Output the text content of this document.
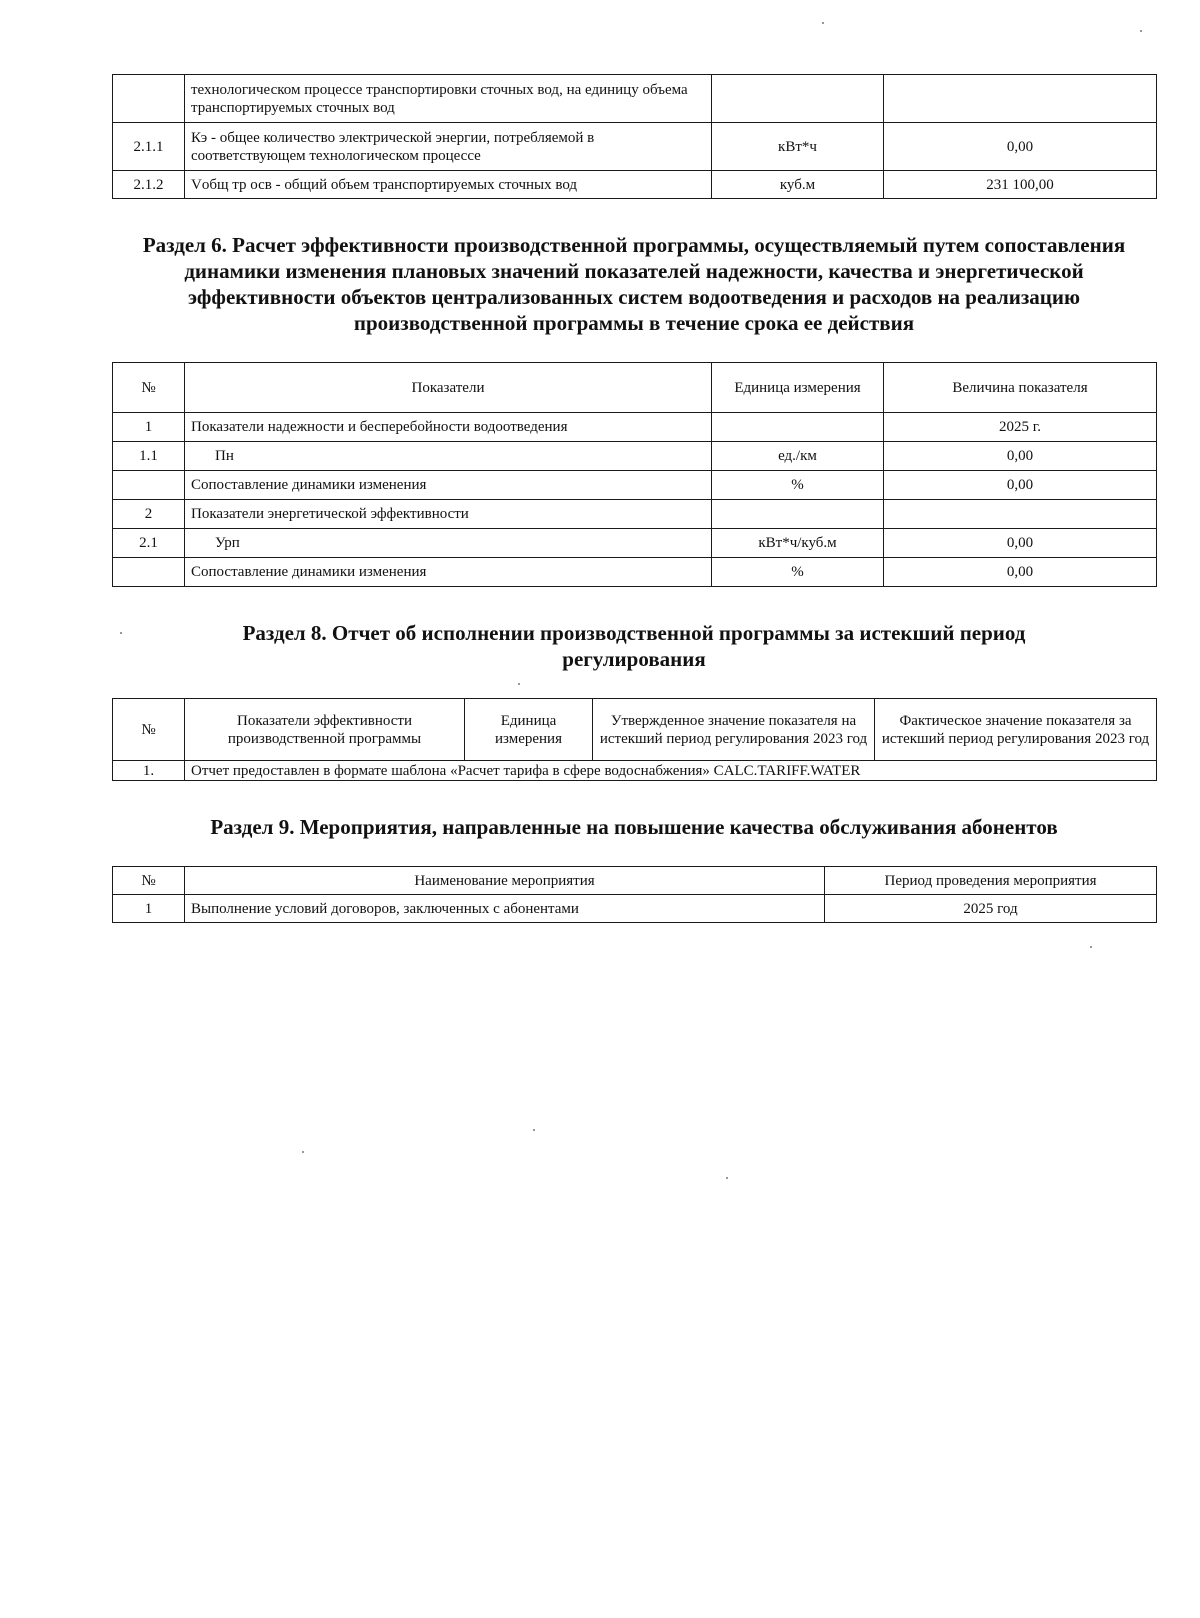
	технологическом процессе транспортировки сточных вод, на единицу объема транспортируемых сточных вод		
2.1.1	Кэ - общее количество электрической энергии, потребляемой в соответствующем технологическом процессе	кВт*ч	0,00
2.1.2	Vобщ тр осв - общий объем транспортируемых сточных вод	куб.м	231 100,00
Раздел 6. Расчет эффективности производственной программы, осуществляемый путем сопоставления динамики изменения плановых значений показателей надежности, качества и энергетической эффективности объектов централизованных систем водоотведения и расходов на реализацию производственной программы в течение срока ее действия
№	Показатели	Единица измерения	Величина показателя
1	Показатели надежности и бесперебойности водоотведения		2025 г.
1.1	Пн	ед./км	0,00
	Сопоставление динамики изменения	%	0,00
2	Показатели энергетической эффективности		
2.1	Урп	кВт*ч/куб.м	0,00
	Сопоставление динамики изменения	%	0,00
Раздел 8. Отчет об исполнении производственной программы за истекший период регулирования
№	Показатели эффективности производственной программы	Единица измерения	Утвержденное значение показателя на истекший период регулирования 2023 год	Фактическое значение показателя за истекший период регулирования 2023 год
1.	Отчет предоставлен в формате шаблона «Расчет тарифа в сфере водоснабжения» CALC.TARIFF.WATER			
Раздел 9. Мероприятия, направленные на повышение качества обслуживания абонентов
№	Наименование мероприятия	Период проведения мероприятия
1	Выполнение условий договоров, заключенных с абонентами	2025 год
